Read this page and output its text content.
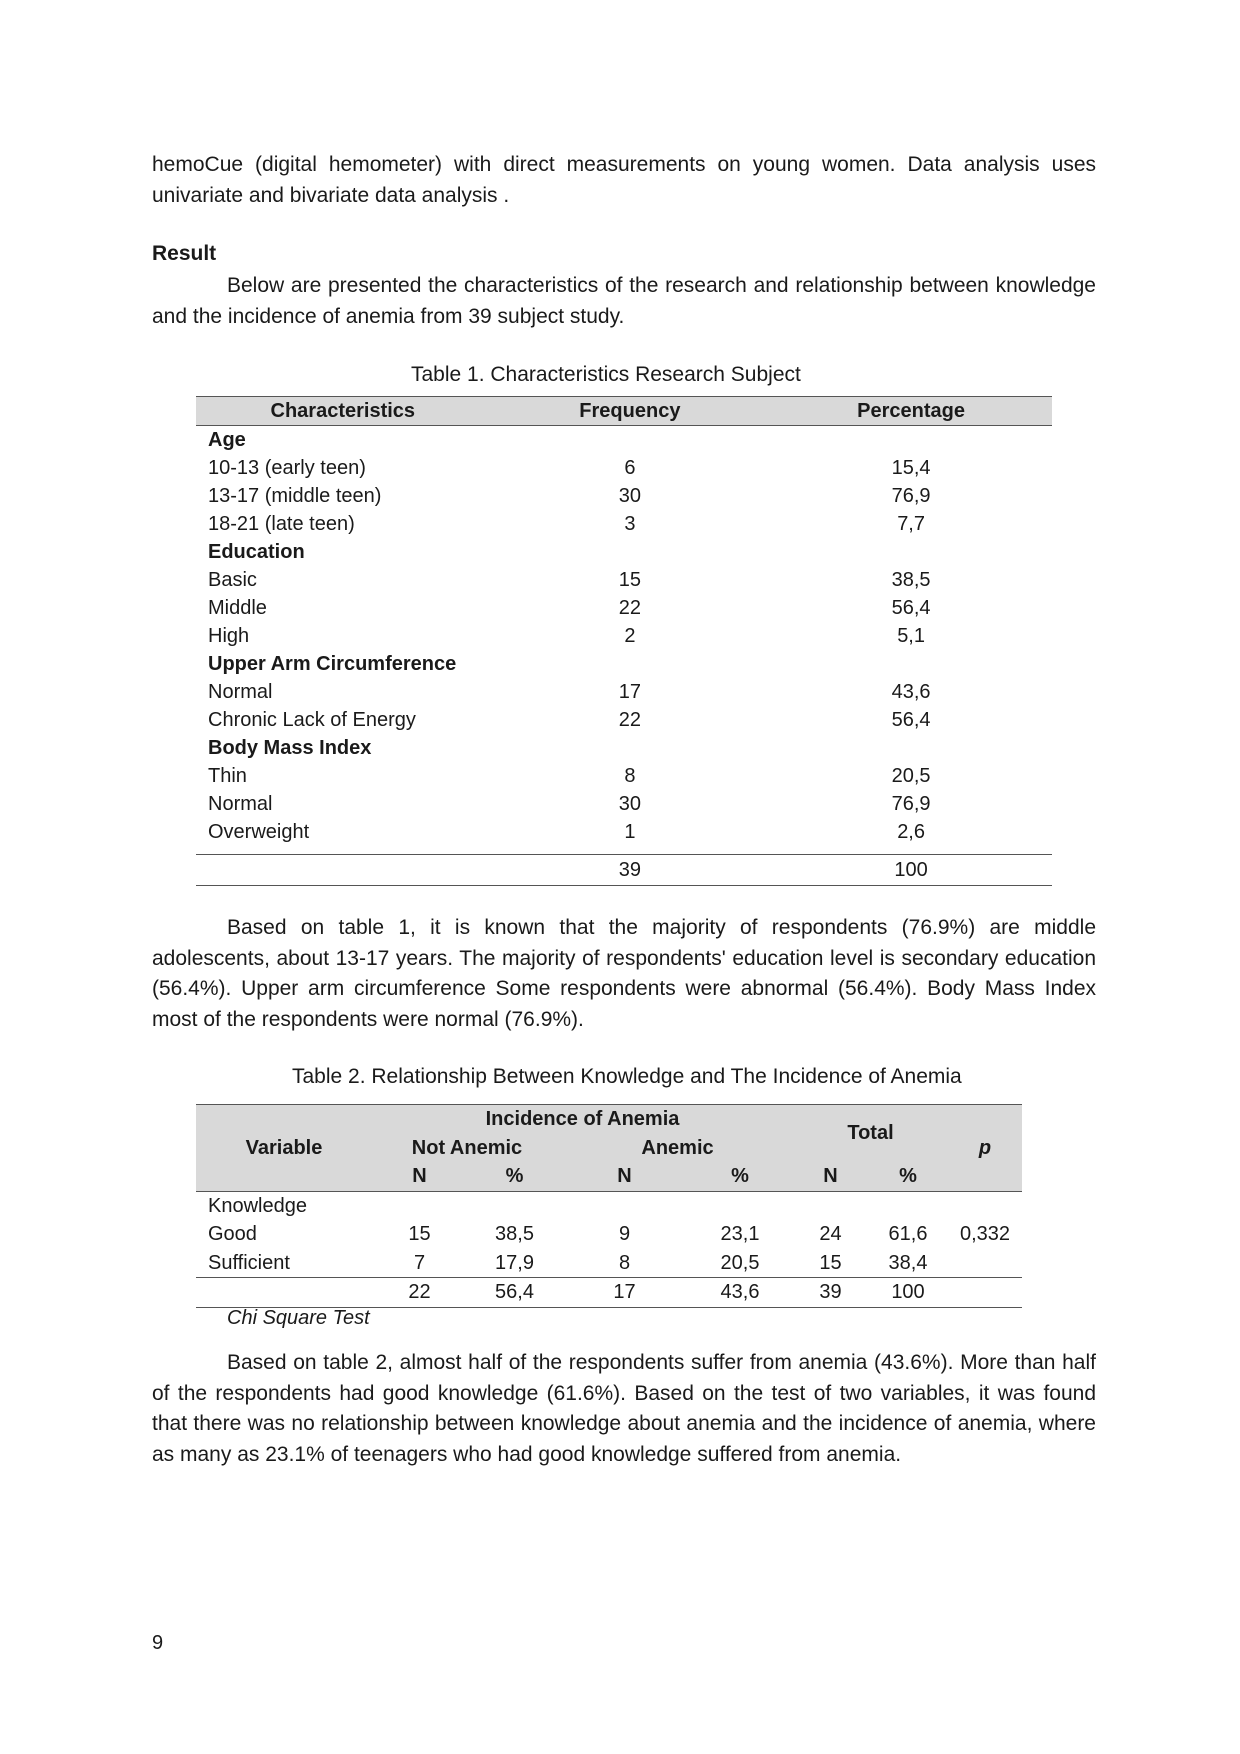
hemoCue (digital hemometer) with direct measurements on young women. Data analysis uses univariate and bivariate data analysis .

Result

Below are presented the characteristics of the research and relationship between knowledge and the incidence of anemia from 39 subject study.

Table 1. Characteristics Research Subject

Characteristics	Frequency	Percentage
Age		
10-13 (early teen)	6	15,4
13-17 (middle teen)	30	76,9
18-21 (late teen)	3	7,7
Education		
Basic	15	38,5
Middle	22	56,4
High	2	5,1
Upper Arm Circumference		
Normal	17	43,6
Chronic Lack of Energy	22	56,4
Body Mass Index		
Thin	8	20,5
Normal	30	76,9
Overweight	1	2,6

	39	100

Based on table 1, it is known that the majority of respondents (76.9%) are middle adolescents, about 13-17 years. The majority of respondents' education level is secondary education (56.4%). Upper arm circumference Some respondents were abnormal (56.4%). Body Mass Index most of the respondents were normal (76.9%).

Table 2. Relationship Between Knowledge and The Incidence of Anemia

	Incidence of Anemia				Total		
Variable	Not Anemic		Anemic				p
	N	%	N	%	N	%	
Knowledge							
Good	15	38,5	9	23,1	24	61,6	0,332
Sufficient	7	17,9	8	20,5	15	38,4	
	22	56,4	17	43,6	39	100	

Chi Square Test

Based on table 2, almost half of the respondents suffer from anemia (43.6%). More than half of the respondents had good knowledge (61.6%). Based on the test of two variables, it was found that there was no relationship between knowledge about anemia and the incidence of anemia, where as many as 23.1% of teenagers who had good knowledge suffered from anemia.

9
